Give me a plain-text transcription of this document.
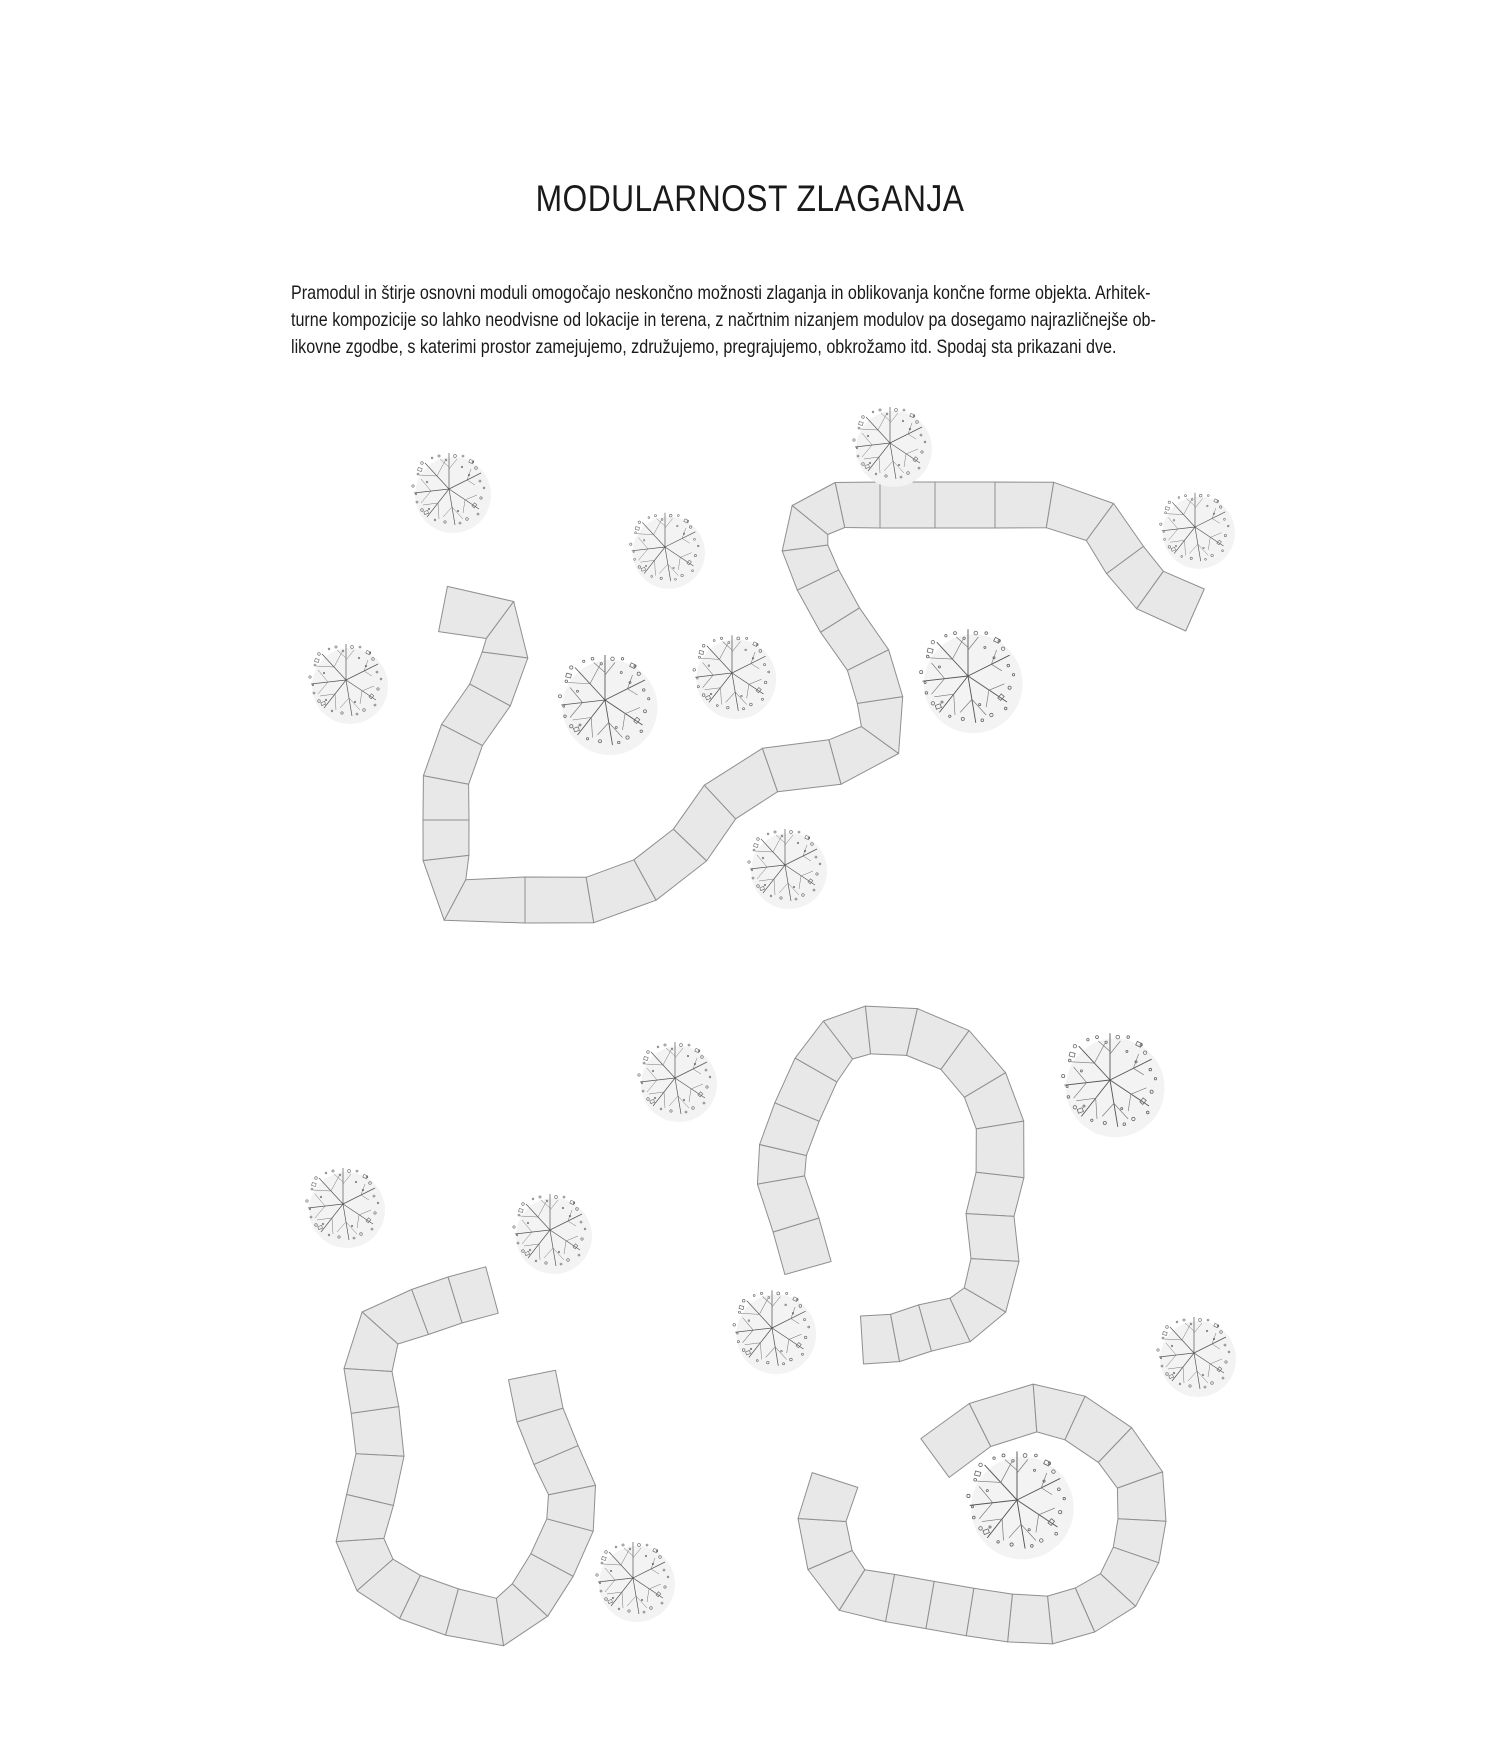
MODULARNOST ZLAGANJA
Pramodul in štirje osnovni moduli omogočajo neskončno možnosti zlaganja in oblikovanja končne forme objekta. Arhitek-
turne kompozicije so lahko neodvisne od lokacije in terena, z načrtnim nizanjem modulov pa dosegamo najrazličnejše ob-
likovne zgodbe, s katerimi prostor zamejujemo, združujemo, pregrajujemo, obkrožamo itd. Spodaj sta prikazani dve.
